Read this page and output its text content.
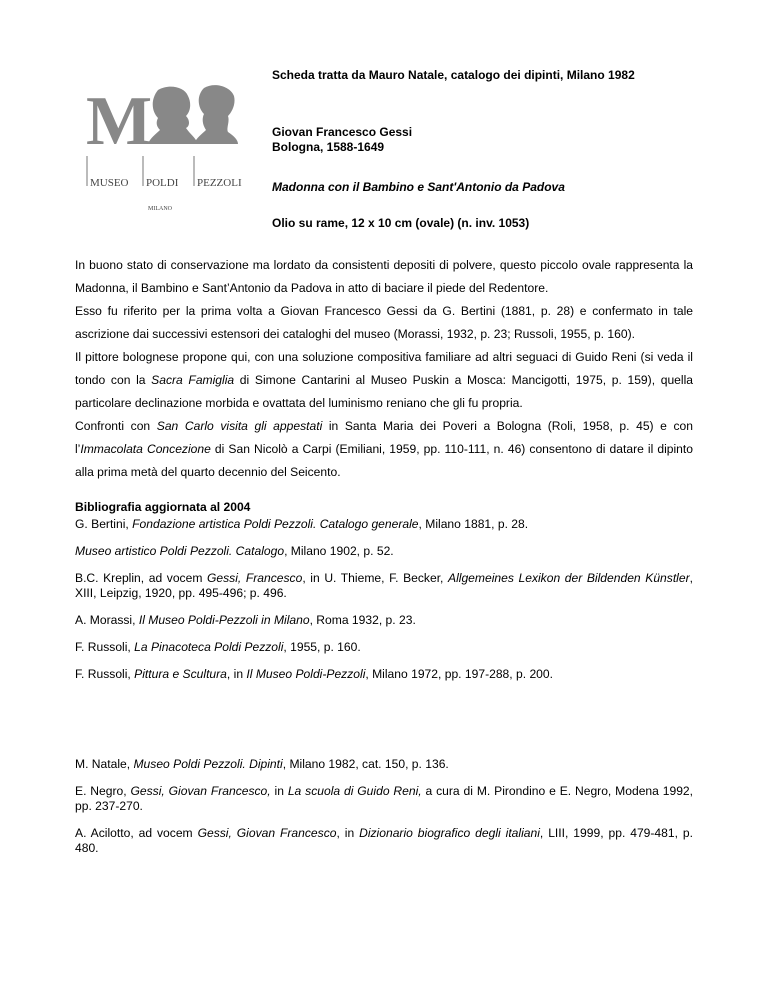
M
MUSEO POLDI PEZZOLI
MILANO

Scheda tratta da Mauro Natale, catalogo dei dipinti, Milano 1982

Giovan Francesco Gessi

Bologna, 1588-1649

Madonna con il Bambino e Sant'Antonio da Padova

Olio su rame, 12 x 10 cm (ovale) (n. inv. 1053)

In buono stato di conservazione ma lordato da consistenti depositi di polvere, questo piccolo ovale rappresenta la Madonna, il Bambino e Sant’Antonio da Padova in atto di baciare il piede del Redentore.

Esso fu riferito per la prima volta a Giovan Francesco Gessi da G. Bertini (1881, p. 28) e confermato in tale ascrizione dai successivi estensori dei cataloghi del museo (Morassi, 1932, p. 23; Russoli, 1955, p. 160).

Il pittore bolognese propone qui, con una soluzione compositiva familiare ad altri seguaci di Guido Reni (si veda il tondo con la Sacra Famiglia di Simone Cantarini al Museo Puskin a Mosca: Mancigotti, 1975, p. 159), quella particolare declinazione morbida e ovattata del luminismo reniano che gli fu propria.

Confronti con San Carlo visita gli appestati in Santa Maria dei Poveri a Bologna (Roli, 1958, p. 45) e con l’Immacolata Concezione di San Nicolò a Carpi (Emiliani, 1959, pp. 110-111, n. 46) consentono di datare il dipinto alla prima metà del quarto decennio del Seicento.

Bibliografia aggiornata al 2004

G. Bertini, Fondazione artistica Poldi Pezzoli. Catalogo generale, Milano 1881, p. 28.

Museo artistico Poldi Pezzoli. Catalogo, Milano 1902, p. 52.

B.C. Kreplin, ad vocem Gessi, Francesco, in U. Thieme, F. Becker, Allgemeines Lexikon der Bildenden Künstler, XIII, Leipzig, 1920, pp. 495-496; p. 496.

A. Morassi, Il Museo Poldi-Pezzoli in Milano, Roma 1932, p. 23.

F. Russoli, La Pinacoteca Poldi Pezzoli, 1955, p. 160.

F. Russoli, Pittura e Scultura, in Il Museo Poldi-Pezzoli, Milano 1972, pp. 197-288, p. 200.

M. Natale, Museo Poldi Pezzoli. Dipinti, Milano 1982, cat. 150, p. 136.

E. Negro, Gessi, Giovan Francesco, in La scuola di Guido Reni, a cura di M. Pirondino e E. Negro, Modena 1992, pp. 237-270.

A. Acilotto, ad vocem Gessi, Giovan Francesco, in Dizionario biografico degli italiani, LIII, 1999, pp. 479-481, p. 480.
